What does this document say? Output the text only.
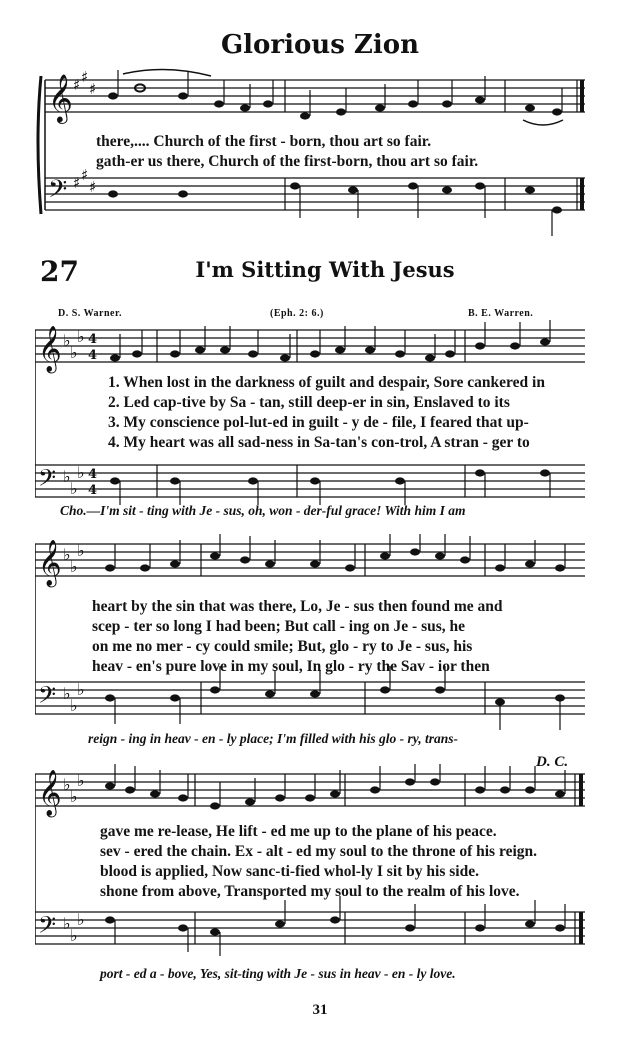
Glorious Zion
𝄞
𝄢
♯ ♯
♯
♯ ♯
♯
there,.... Church of the first - born, thou art so fair.
gath-er us there, Church of the first-born, thou art so fair.
27	I'm Sitting With Jesus
D. S. Warner.	(Eph. 2: 6.)	B. E. Warren.
𝄞
𝄢
♭
♭
♭
♭
♭
♭
4
4
4
4
1. When lost in the darkness of guilt and despair, Sore cankered in
2. Led cap-tive by Sa - tan, still deep-er in sin, Enslaved to its
3. My conscience pol-lut-ed in guilt - y de - file, I feared that up-
4. My heart was all sad-ness in Sa-tan's con-trol, A stran - ger to
Cho.—I'm sit - ting with Je - sus, oh, won - der-ful grace! With him I am
𝄞
𝄢
♭
♭
♭
♭
♭
♭
heart by the sin that was there, Lo, Je - sus then found me and
scep - ter so long I had been; But call - ing on Je - sus, he
on me no mer - cy could smile; But, glo - ry to Je - sus, his
heav - en's pure love in my soul, In glo - ry the Sav - ior then
reign - ing in heav - en - ly place; I'm filled with his glo - ry, trans-
D. C.
𝄞
𝄢
♭
♭
♭
♭
♭
♭
gave me re-lease, He lift - ed me up to the plane of his peace.
sev - ered the chain. Ex - alt - ed my soul to the throne of his reign.
blood is applied, Now sanc-ti-fied whol-ly I sit by his side.
shone from above, Transported my soul to the realm of his love.
port - ed a - bove, Yes, sit-ting with Je - sus in heav - en - ly love.
31
